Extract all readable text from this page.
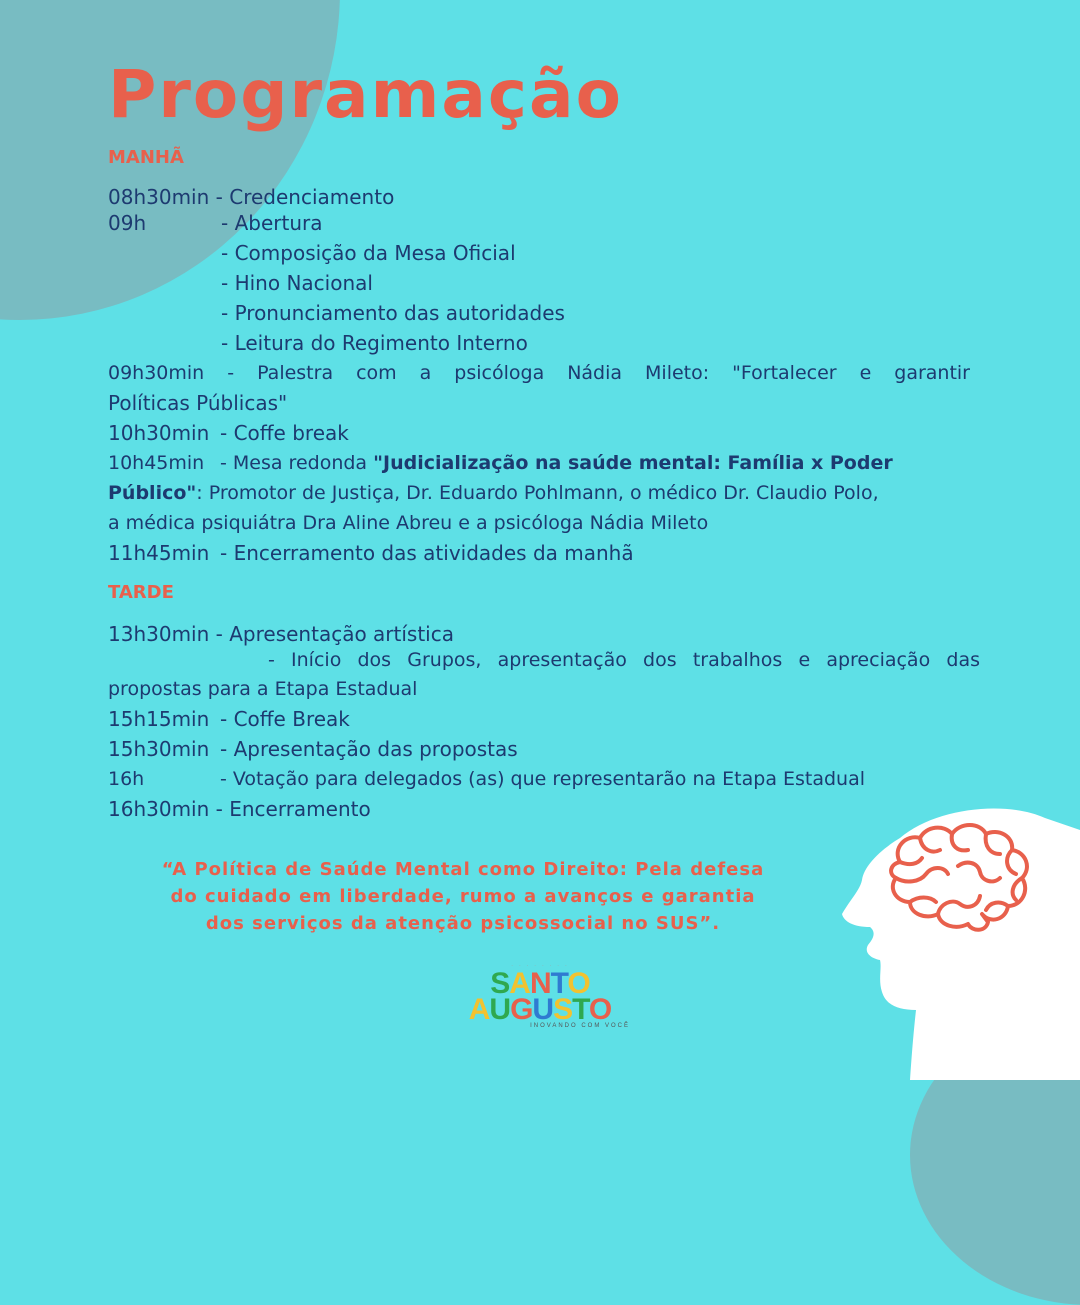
Programação
MANHÃ
08h30min - Credenciamento
09h	- Abertura
- Composição da Mesa Oficial
- Hino Nacional
- Pronunciamento das autoridades
- Leitura do Regimento Interno
09h30min - Palestra com a psicóloga Nádia Mileto: "Fortalecer e garantir
Políticas Públicas"
10h30min - Coffe break
10h45min - Mesa redonda "Judicialização na saúde mental: Família x Poder
Público": Promotor de Justiça, Dr. Eduardo Pohlmann, o médico Dr. Claudio Polo,
a médica psiquiátra Dra Aline Abreu e a psicóloga Nádia Mileto
11h45min - Encerramento das atividades da manhã
TARDE
13h30min - Apresentação artística
- Início dos Grupos, apresentação dos trabalhos e apreciação das
propostas para a Etapa Estadual
15h15min - Coffe Break
15h30min - Apresentação das propostas
16h	- Votação para delegados (as) que representarão na Etapa Estadual
16h30min - Encerramento
“A Política de Saúde Mental como Direito: Pela defesa
do cuidado em liberdade, rumo a avanços e garantia
dos serviços da atenção psicossocial no SUS”.
· · · · · · · ·
SANTO
AUGUSTO
INOVANDO COM VOCÊ
